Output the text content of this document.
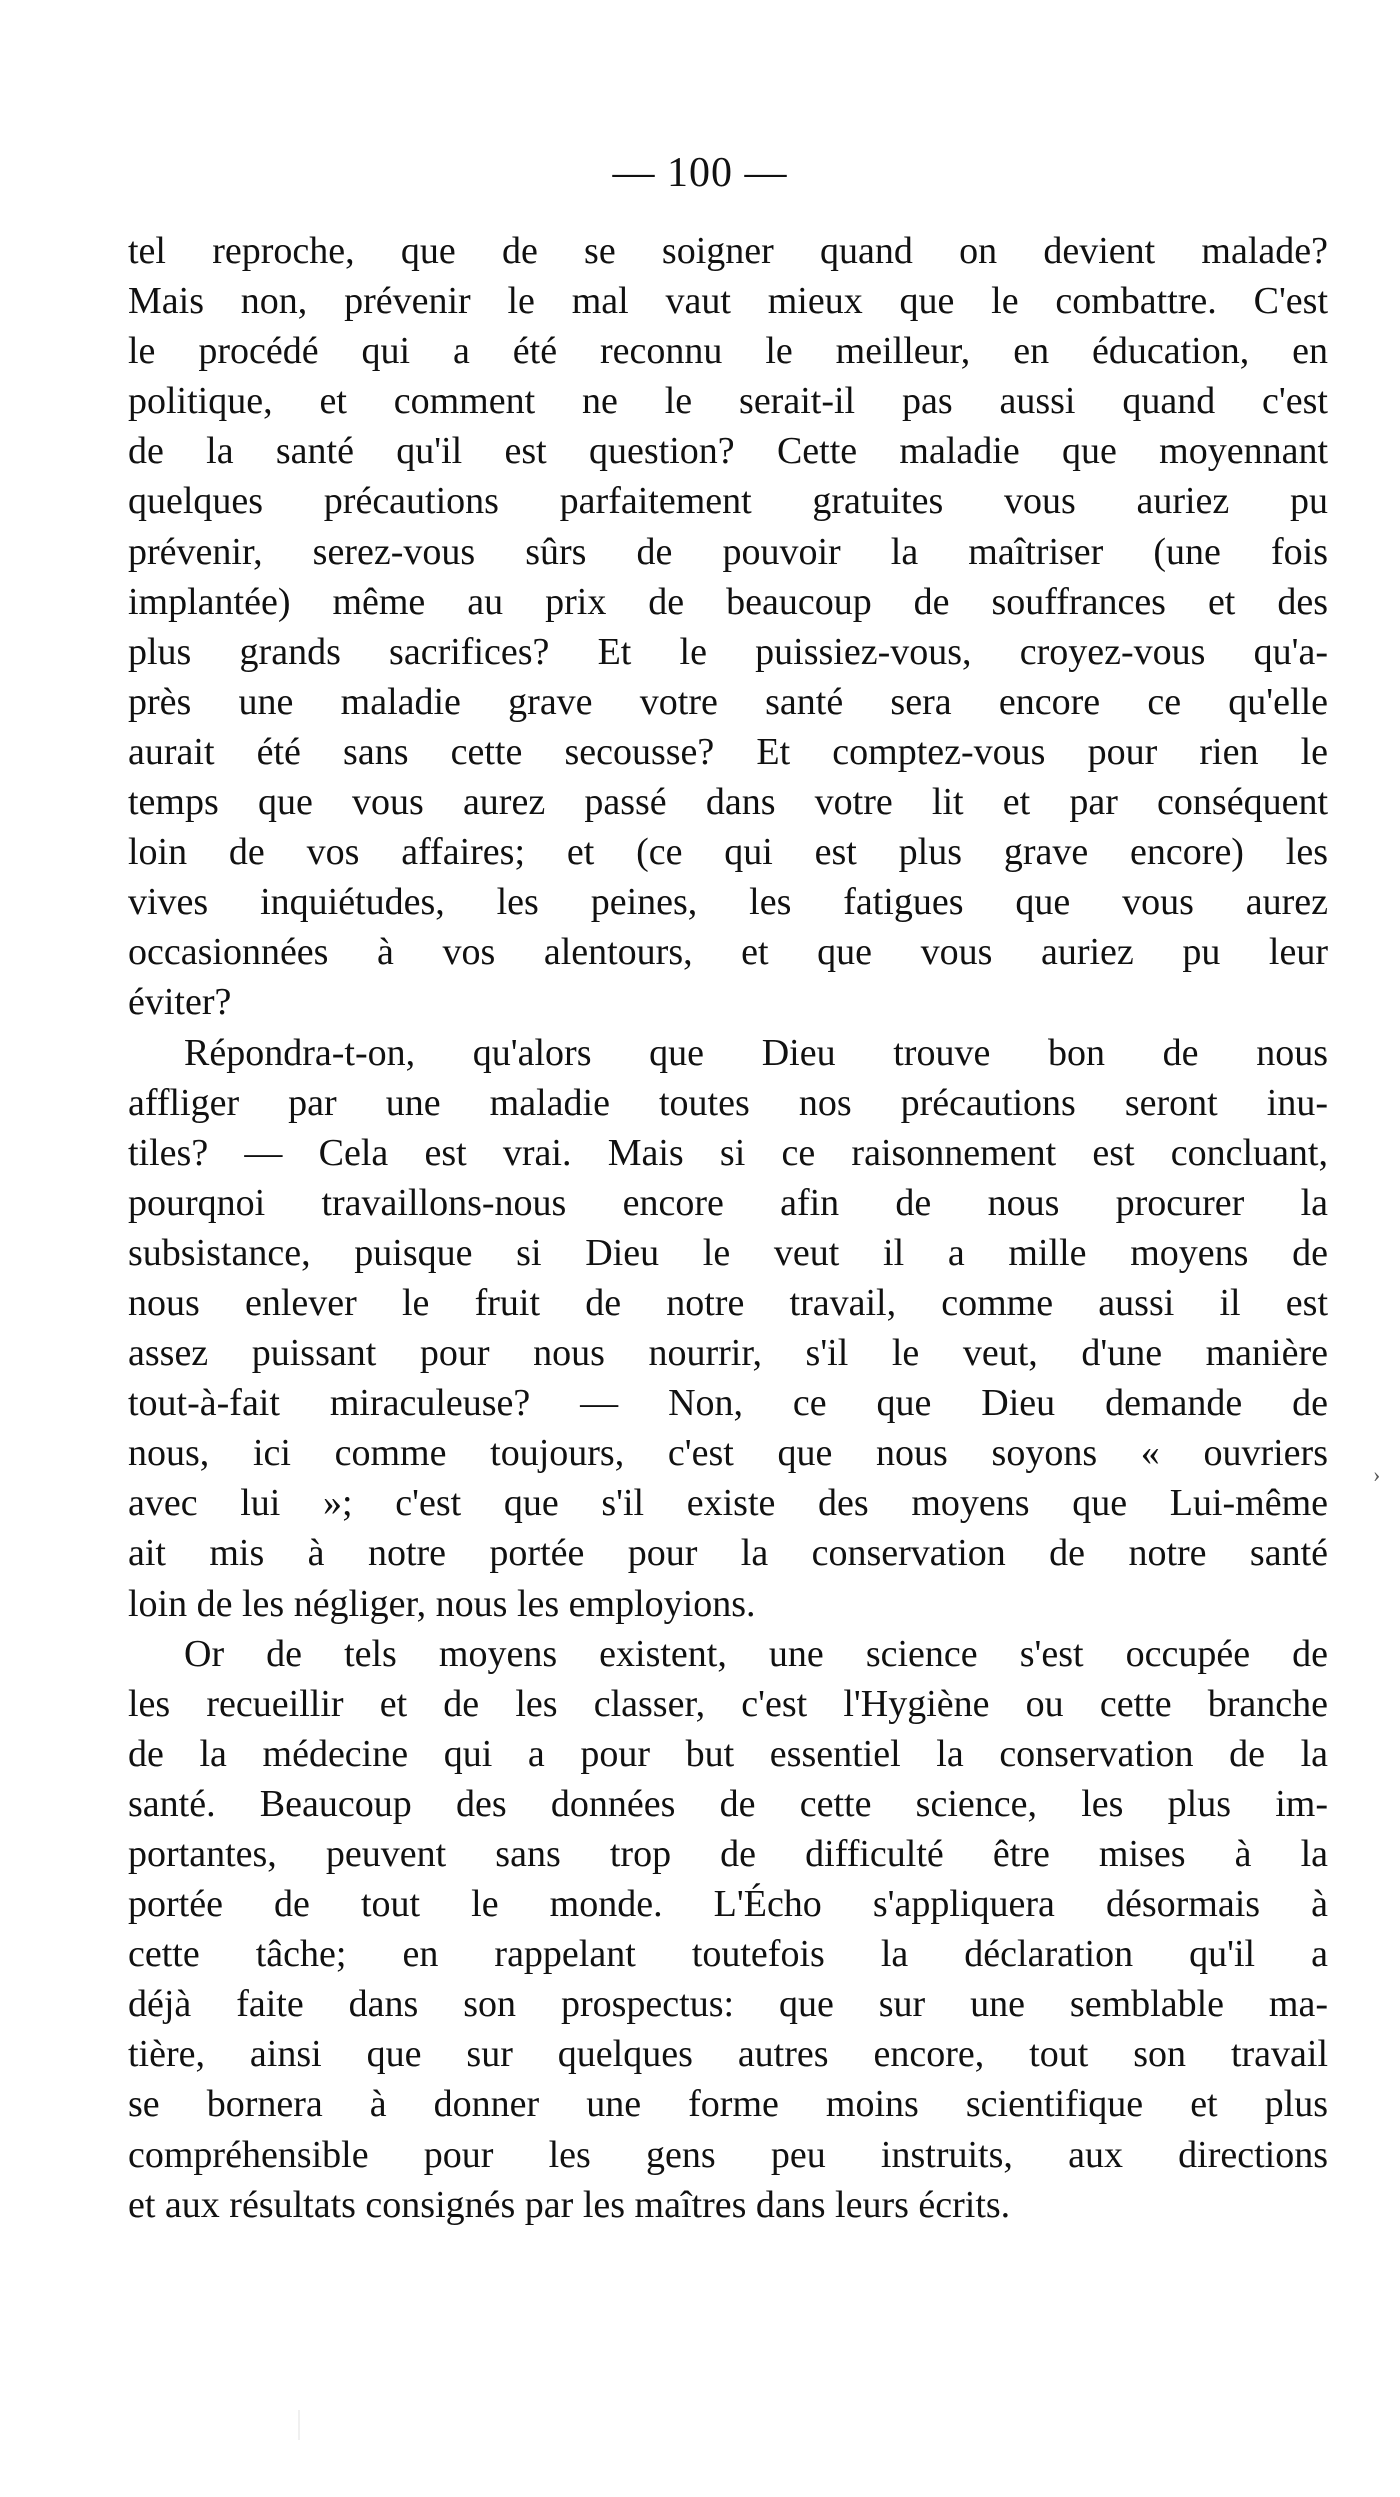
— 100 —
tel reproche, que de se soigner quand on devient malade?
Mais non, prévenir le mal vaut mieux que le combattre. C'est
le procédé qui a été reconnu le meilleur, en éducation, en
politique, et comment ne le serait-il pas aussi quand c'est
de la santé qu'il est question? Cette maladie que moyennant
quelques précautions parfaitement gratuites vous auriez pu
prévenir, serez-vous sûrs de pouvoir la maîtriser (une fois
implantée) même au prix de beaucoup de souffrances et des
plus grands sacrifices? Et le puissiez-vous, croyez-vous qu'a-
près une maladie grave votre santé sera encore ce qu'elle
aurait été sans cette secousse? Et comptez-vous pour rien le
temps que vous aurez passé dans votre lit et par conséquent
loin de vos affaires; et (ce qui est plus grave encore) les
vives inquiétudes, les peines, les fatigues que vous aurez
occasionnées à vos alentours, et que vous auriez pu leur
éviter?
Répondra-t-on, qu'alors que Dieu trouve bon de nous
affliger par une maladie toutes nos précautions seront inu-
tiles? — Cela est vrai. Mais si ce raisonnement est concluant,
pourqnoi travaillons-nous encore afin de nous procurer la
subsistance, puisque si Dieu le veut il a mille moyens de
nous enlever le fruit de notre travail, comme aussi il est
assez puissant pour nous nourrir, s'il le veut, d'une manière
tout-à-fait miraculeuse? — Non, ce que Dieu demande de
nous, ici comme toujours, c'est que nous soyons « ouvriers
avec lui »; c'est que s'il existe des moyens que Lui-même
ait mis à notre portée pour la conservation de notre santé
loin de les négliger, nous les employions.
Or de tels moyens existent, une science s'est occupée de
les recueillir et de les classer, c'est l'Hygiène ou cette branche
de la médecine qui a pour but essentiel la conservation de la
santé. Beaucoup des données de cette science, les plus im-
portantes, peuvent sans trop de difficulté être mises à la
portée de tout le monde. L'Écho s'appliquera désormais à
cette tâche; en rappelant toutefois la déclaration qu'il a
déjà faite dans son prospectus: que sur une semblable ma-
tière, ainsi que sur quelques autres encore, tout son travail
se bornera à donner une forme moins scientifique et plus
compréhensible pour les gens peu instruits, aux directions
et aux résultats consignés par les maîtres dans leurs écrits.
›
